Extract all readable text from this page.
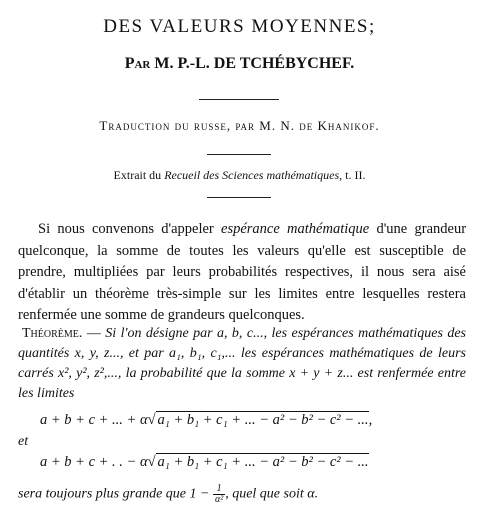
DES VALEURS MOYENNES;
Par M. P.-L. DE TCHÉBYCHEF.
Traduction du russe, par M. N. de Khanikof.
Extrait du Recueil des Sciences mathématiques, t. II.
Si nous convenons d'appeler espérance mathématique d'une grandeur quelconque, la somme de toutes les valeurs qu'elle est susceptible de prendre, multipliées par leurs probabilités respectives, il nous sera aisé d'établir un théorème très-simple sur les limites entre lesquelles restera renfermée une somme de grandeurs quelconques.
Théorème. — Si l'on désigne par a, b, c..., les espérances mathématiques des quantités x, y, z..., et par a₁, b₁, c₁,... les espérances mathématiques de leurs carrés x², y², z²,..., la probabilité que la somme x + y + z... est renfermée entre les limites
a + b + c + ... + α√ a₁ + b₁ + c₁ + ... − a² − b² − c² − ...,
et
a + b + c + . . − α√ a₁ + b₁ + c₁ + ... − a² − b² − c² − ...
sera toujours plus grande que $1 - \frac{1}{\text{α²}}$ , quel que soit α.
